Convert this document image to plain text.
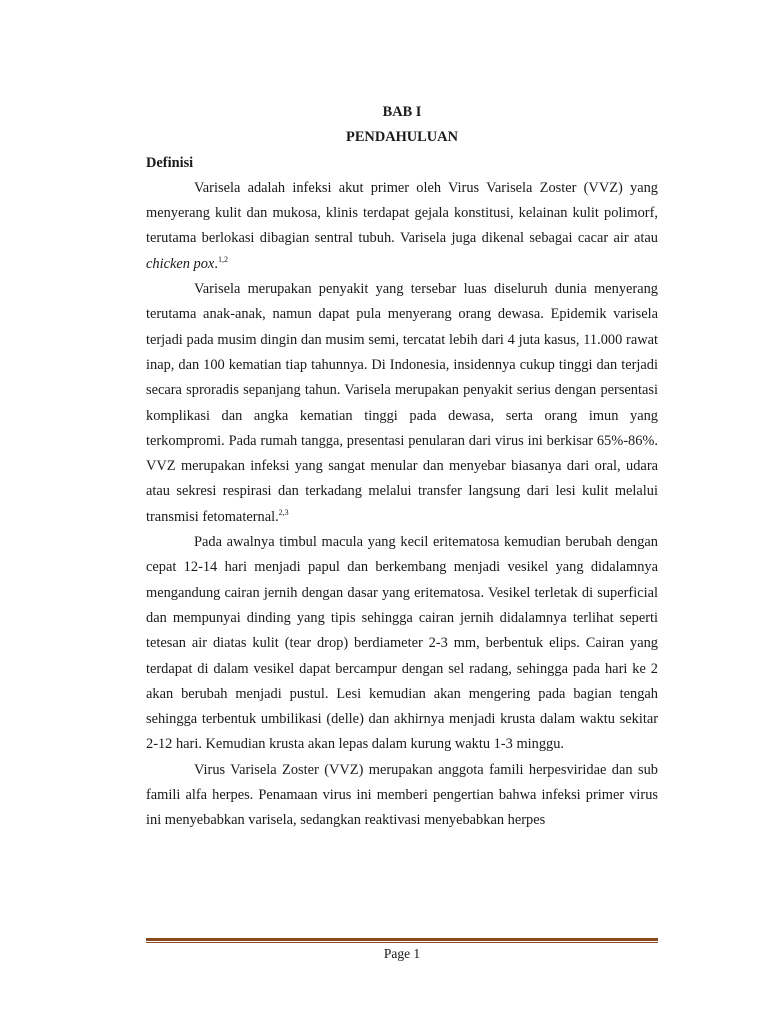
BAB I
PENDAHULUAN
Definisi

Varisela adalah infeksi akut primer oleh Virus Varisela Zoster (VVZ) yang menyerang kulit dan mukosa, klinis terdapat gejala konstitusi, kelainan kulit polimorf, terutama berlokasi dibagian sentral tubuh. Varisela juga dikenal sebagai cacar air atau chicken pox.$^{1,2}$

Varisela merupakan penyakit yang tersebar luas diseluruh dunia menyerang terutama anak-anak, namun dapat pula menyerang orang dewasa. Epidemik varisela terjadi pada musim dingin dan musim semi, tercatat lebih dari 4 juta kasus, 11.000 rawat inap, dan 100 kematian tiap tahunnya. Di Indonesia, insidennya cukup tinggi dan terjadi secara sproradis sepanjang tahun. Varisela merupakan penyakit serius dengan persentasi komplikasi dan angka kematian tinggi pada dewasa, serta orang imun yang terkompromi. Pada rumah tangga, presentasi penularan dari virus ini berkisar 65%-86%. VVZ merupakan infeksi yang sangat menular dan menyebar biasanya dari oral, udara atau sekresi respirasi dan terkadang melalui transfer langsung dari lesi kulit melalui transmisi fetomaternal.$^{2,3}$

Pada awalnya timbul macula yang kecil eritematosa kemudian berubah dengan cepat 12-14 hari menjadi papul dan berkembang menjadi vesikel yang didalamnya mengandung cairan jernih dengan dasar yang eritematosa. Vesikel terletak di superficial dan mempunyai dinding yang tipis sehingga cairan jernih didalamnya terlihat seperti tetesan air diatas kulit (tear drop) berdiameter 2-3 mm, berbentuk elips. Cairan yang terdapat di dalam vesikel dapat bercampur dengan sel radang, sehingga pada hari ke 2 akan berubah menjadi pustul. Lesi kemudian akan mengering pada bagian tengah sehingga terbentuk umbilikasi (delle) dan akhirnya menjadi krusta dalam waktu sekitar 2-12 hari. Kemudian krusta akan lepas dalam kurung waktu 1-3 minggu.

Virus Varisela Zoster (VVZ) merupakan anggota famili herpesviridae dan sub famili alfa herpes. Penamaan virus ini memberi pengertian bahwa infeksi primer virus ini menyebabkan varisela, sedangkan reaktivasi menyebabkan herpes

Page 1
